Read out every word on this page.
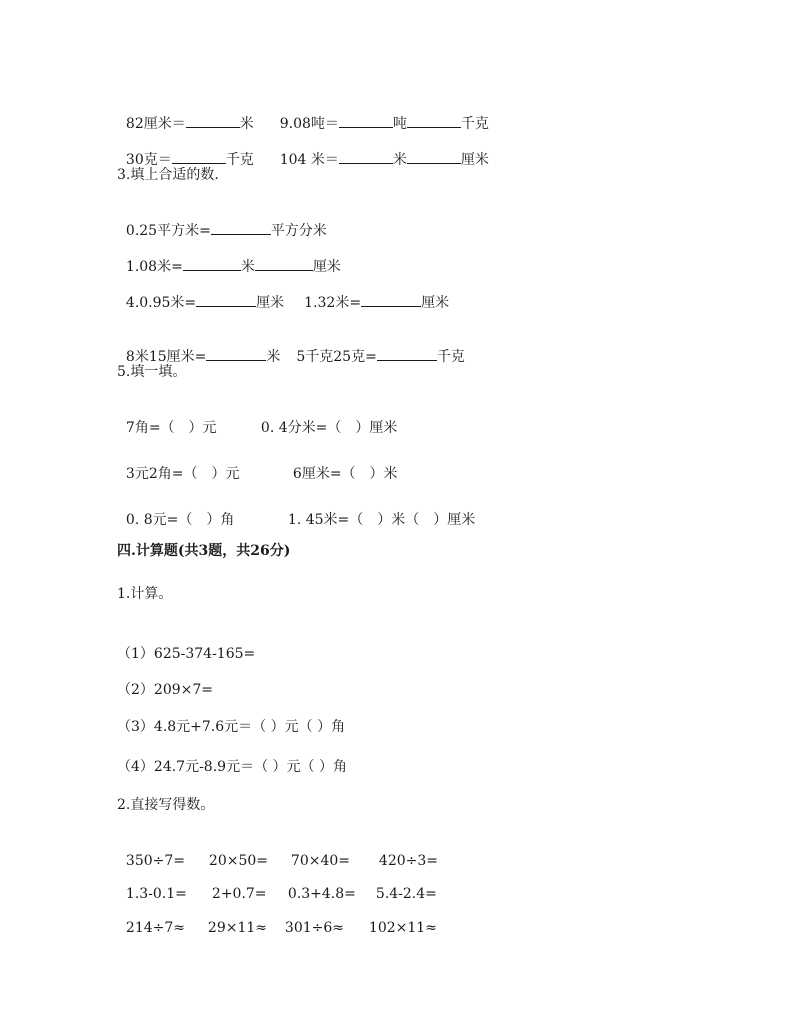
82厘米＝	米 9.08吨＝	吨	千克

30克＝	千克 104 米＝	米	厘米

3.填上合适的数.

0.25平方米=	平方分米

1.08米=	米	厘米

4.0.95米=	厘米 1.32米=	厘米

8米15厘米=	米 5千克25克=	千克

5.填一填。

7角=（　）元	0. 4分米=（　）厘米

3元2角=（　）元	6厘米=（　）米

0. 8元=（　）角	1. 45米=（　）米（　）厘米

四.计算题(共3题，共26分)
1.计算。
（1）625-374-165=
（2）209×7=
（3）4.8元+7.6元＝（ ）元（ ）角
（4）24.7元-8.9元＝（ ）元（ ）角
2.直接写得数。

350÷7= 20×50= 70×40= 420÷3=

1.3-0.1= 2+0.7= 0.3+4.8= 5.4-2.4=

214÷7≈ 29×11≈ 301÷6≈ 102×11≈
